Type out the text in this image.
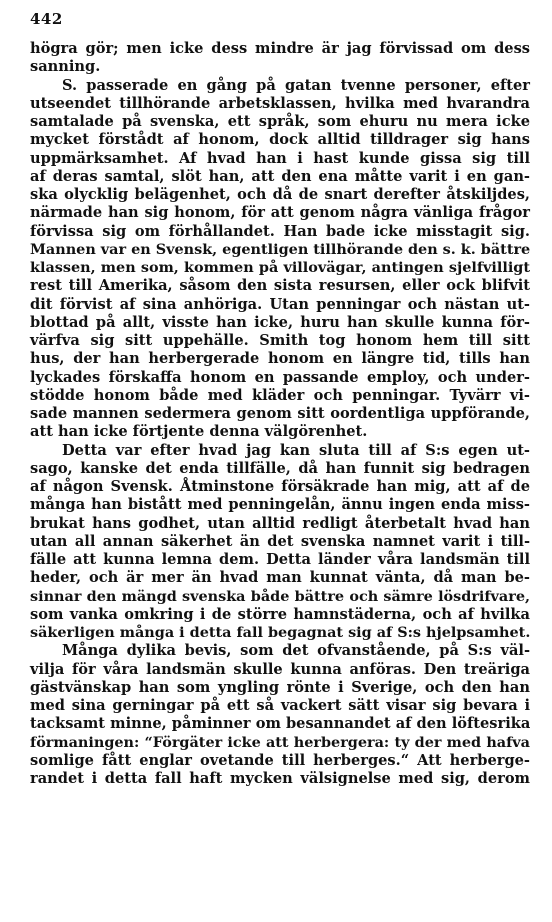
442
högra gör; men icke dess mindre är jag förvissad om dess
sanning.
S. passerade en gång på gatan tvenne personer, efter
utseendet tillhörande arbetsklassen, hvilka med hvarandra
samtalade på svenska, ett språk, som ehuru nu mera icke
mycket förstådt af honom, dock alltid tilldrager sig hans
uppmärksamhet. Af hvad han i hast kunde gissa sig till
af deras samtal, slöt han, att den ena måtte varit i en gan-
ska olycklig belägenhet, och då de snart derefter åtskiljdes,
närmade han sig honom, för att genom några vänliga frågor
förvissa sig om förhållandet. Han bade icke misstagit sig.
Mannen var en Svensk, egentligen tillhörande den s. k. bättre
klassen, men som, kommen på villovägar, antingen sjelfvilligt
rest till Amerika, såsom den sista resursen, eller ock blifvit
dit förvist af sina anhöriga. Utan penningar och nästan ut-
blottad på allt, visste han icke, huru han skulle kunna för-
värfva sig sitt uppehälle. Smith tog honom hem till sitt
hus, der han herbergerade honom en längre tid, tills han
lyckades förskaffa honom en passande employ, och under-
stödde honom både med kläder och penningar. Tyvärr vi-
sade mannen sedermera genom sitt oordentliga uppförande,
att han icke förtjente denna välgörenhet.
Detta var efter hvad jag kan sluta till af S:s egen ut-
sago, kanske det enda tillfälle, då han funnit sig bedragen
af någon Svensk. Åtminstone försäkrade han mig, att af de
många han bistått med penningelån, ännu ingen enda miss-
brukat hans godhet, utan alltid redligt återbetalt hvad han
utan all annan säkerhet än det svenska namnet varit i till-
fälle att kunna lemna dem. Detta länder våra landsmän till
heder, och är mer än hvad man kunnat vänta, då man be-
sinnar den mängd svenska både bättre och sämre lösdrifvare,
som vanka omkring i de större hamnstäderna, och af hvilka
säkerligen många i detta fall begagnat sig af S:s hjelpsamhet.
Många dylika bevis, som det ofvanstående, på S:s väl-
vilja för våra landsmän skulle kunna anföras. Den treäriga
gästvänskap han som yngling rönte i Sverige, och den han
med sina gerningar på ett så vackert sätt visar sig bevara i
tacksamt minne, påminner om besannandet af den löftesrika
förmaningen: “Förgäter icke att herbergera: ty der med hafva
somlige fått englar ovetande till herberges.“ Att herberge-
randet i detta fall haft mycken välsignelse med sig, derom
